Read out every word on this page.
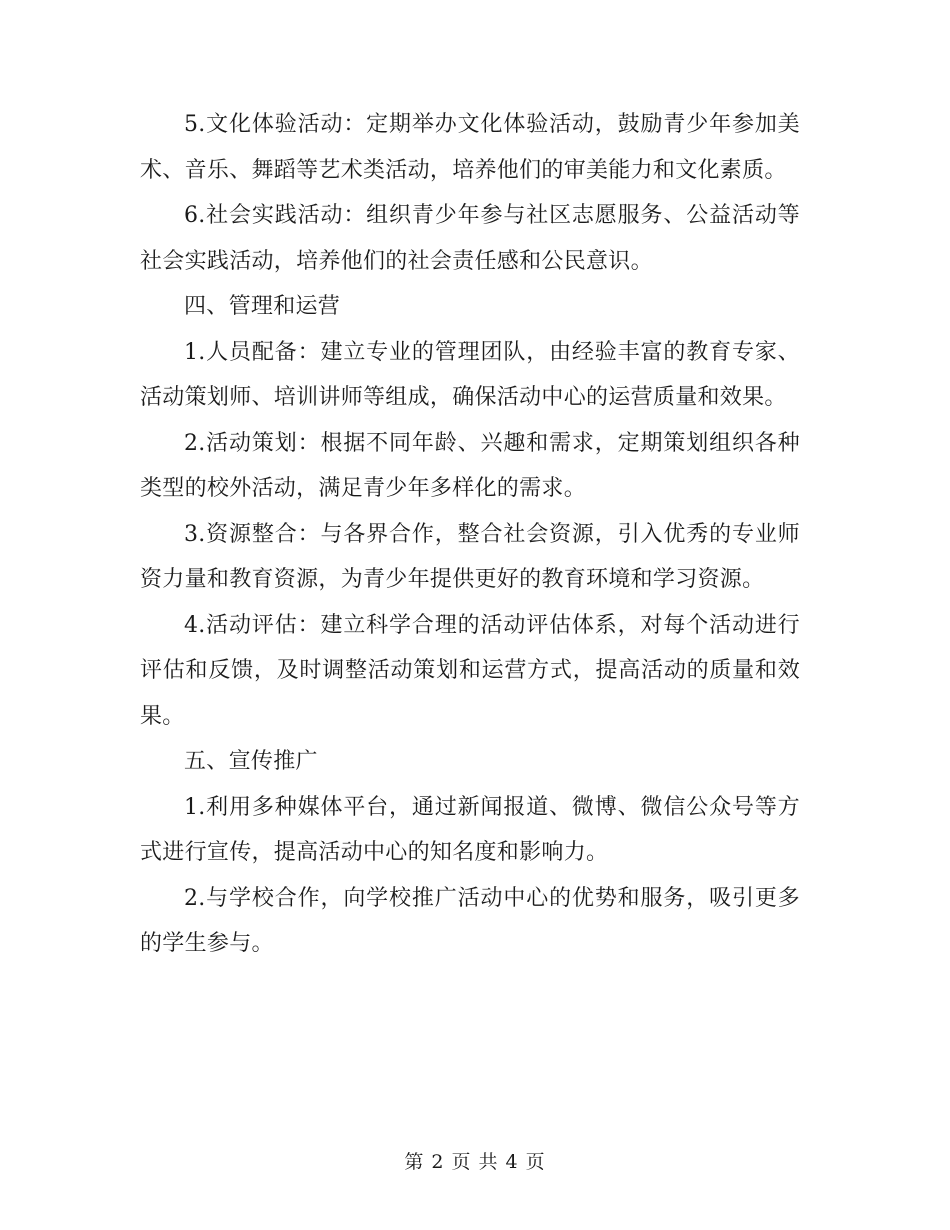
5.文化体验活动：定期举办文化体验活动，鼓励青少年参加美术、音乐、舞蹈等艺术类活动，培养他们的审美能力和文化素质。

6.社会实践活动：组织青少年参与社区志愿服务、公益活动等社会实践活动，培养他们的社会责任感和公民意识。

四、管理和运营

1.人员配备：建立专业的管理团队，由经验丰富的教育专家、活动策划师、培训讲师等组成，确保活动中心的运营质量和效果。

2.活动策划：根据不同年龄、兴趣和需求，定期策划组织各种类型的校外活动，满足青少年多样化的需求。

3.资源整合：与各界合作，整合社会资源，引入优秀的专业师资力量和教育资源，为青少年提供更好的教育环境和学习资源。

4.活动评估：建立科学合理的活动评估体系，对每个活动进行评估和反馈，及时调整活动策划和运营方式，提高活动的质量和效果。

五、宣传推广

1.利用多种媒体平台，通过新闻报道、微博、微信公众号等方式进行宣传，提高活动中心的知名度和影响力。

2.与学校合作，向学校推广活动中心的优势和服务，吸引更多的学生参与。

第 2 页 共 4 页
